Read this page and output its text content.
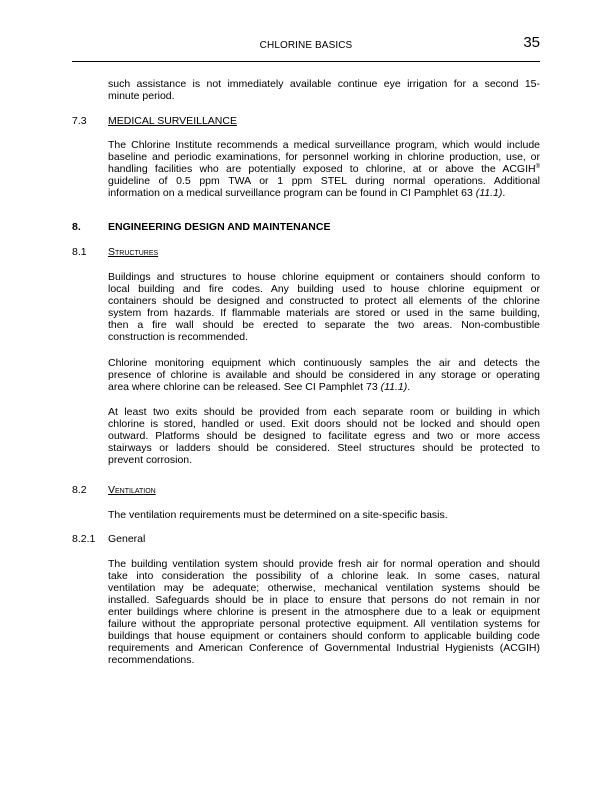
CHLORINE BASICS	35
such assistance is not immediately available continue eye irrigation for a second 15-
minute period.
7.3 MEDICAL SURVEILLANCE
The Chlorine Institute recommends a medical surveillance program, which would include
baseline and periodic examinations, for personnel working in chlorine production, use, or
handling facilities who are potentially exposed to chlorine, at or above the ACGIH®
guideline of 0.5 ppm TWA or 1 ppm STEL during normal operations. Additional
information on a medical surveillance program can be found in CI Pamphlet 63 (11.1).
8.	ENGINEERING DESIGN AND MAINTENANCE
8.1 Structures
Buildings and structures to house chlorine equipment or containers should conform to
local building and fire codes. Any building used to house chlorine equipment or
containers should be designed and constructed to protect all elements of the chlorine
system from hazards. If flammable materials are stored or used in the same building,
then a fire wall should be erected to separate the two areas. Non-combustible
construction is recommended.
Chlorine monitoring equipment which continuously samples the air and detects the
presence of chlorine is available and should be considered in any storage or operating
area where chlorine can be released. See CI Pamphlet 73 (11.1).
At least two exits should be provided from each separate room or building in which
chlorine is stored, handled or used. Exit doors should not be locked and should open
outward. Platforms should be designed to facilitate egress and two or more access
stairways or ladders should be considered. Steel structures should be protected to
prevent corrosion.
8.2 Ventilation
The ventilation requirements must be determined on a site-specific basis.
8.2.1 General
The building ventilation system should provide fresh air for normal operation and should
take into consideration the possibility of a chlorine leak. In some cases, natural
ventilation may be adequate; otherwise, mechanical ventilation systems should be
installed. Safeguards should be in place to ensure that persons do not remain in nor
enter buildings where chlorine is present in the atmosphere due to a leak or equipment
failure without the appropriate personal protective equipment. All ventilation systems for
buildings that house equipment or containers should conform to applicable building code
requirements and American Conference of Governmental Industrial Hygienists (ACGIH)
recommendations.
